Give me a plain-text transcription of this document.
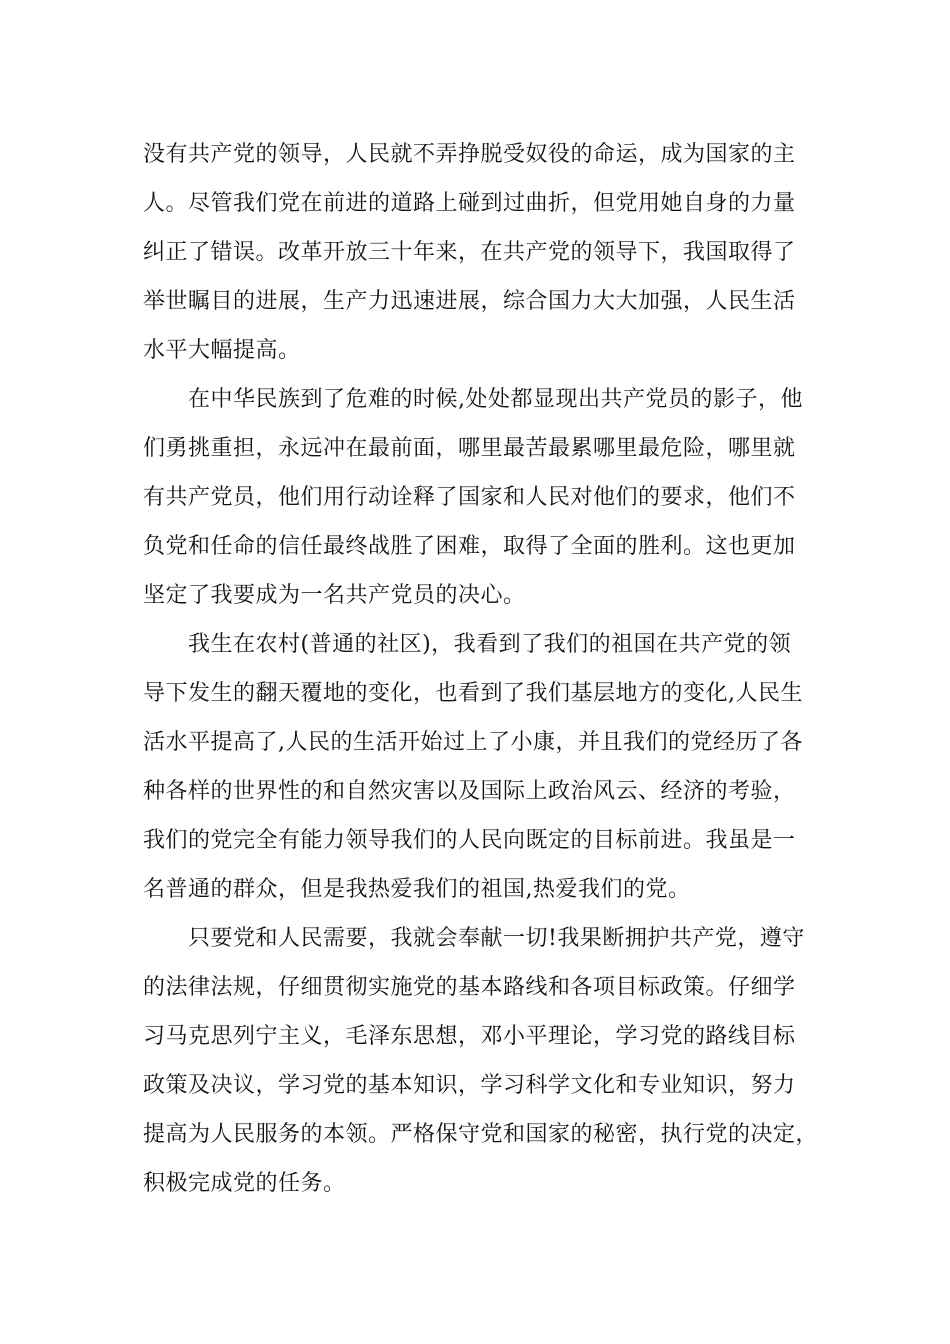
没有共产党的领导，人民就不弄挣脱受奴役的命运，成为国家的主
人。尽管我们党在前进的道路上碰到过曲折，但党用她自身的力量
纠正了错误。改革开放三十年来，在共产党的领导下，我国取得了
举世瞩目的进展，生产力迅速进展，综合国力大大加强，人民生活
水平大幅提高。

　　在中华民族到了危难的时候,处处都显现出共产党员的影子，他
们勇挑重担，永远冲在最前面，哪里最苦最累哪里最危险，哪里就
有共产党员，他们用行动诠释了国家和人民对他们的要求，他们不
负党和任命的信任最终战胜了困难，取得了全面的胜利。这也更加
坚定了我要成为一名共产党员的决心。

　　我生在农村(普通的社区)，我看到了我们的祖国在共产党的领
导下发生的翻天覆地的变化，也看到了我们基层地方的变化,人民生
活水平提高了,人民的生活开始过上了小康，并且我们的党经历了各
种各样的世界性的和自然灾害以及国际上政治风云、经济的考验，
我们的党完全有能力领导我们的人民向既定的目标前进。我虽是一
名普通的群众，但是我热爱我们的祖国,热爱我们的党。

　　只要党和人民需要，我就会奉献一切!我果断拥护共产党，遵守
的法律法规，仔细贯彻实施党的基本路线和各项目标政策。仔细学
习马克思列宁主义，毛泽东思想，邓小平理论，学习党的路线目标
政策及决议，学习党的基本知识，学习科学文化和专业知识，努力
提高为人民服务的本领。严格保守党和国家的秘密，执行党的决定，
积极完成党的任务。
